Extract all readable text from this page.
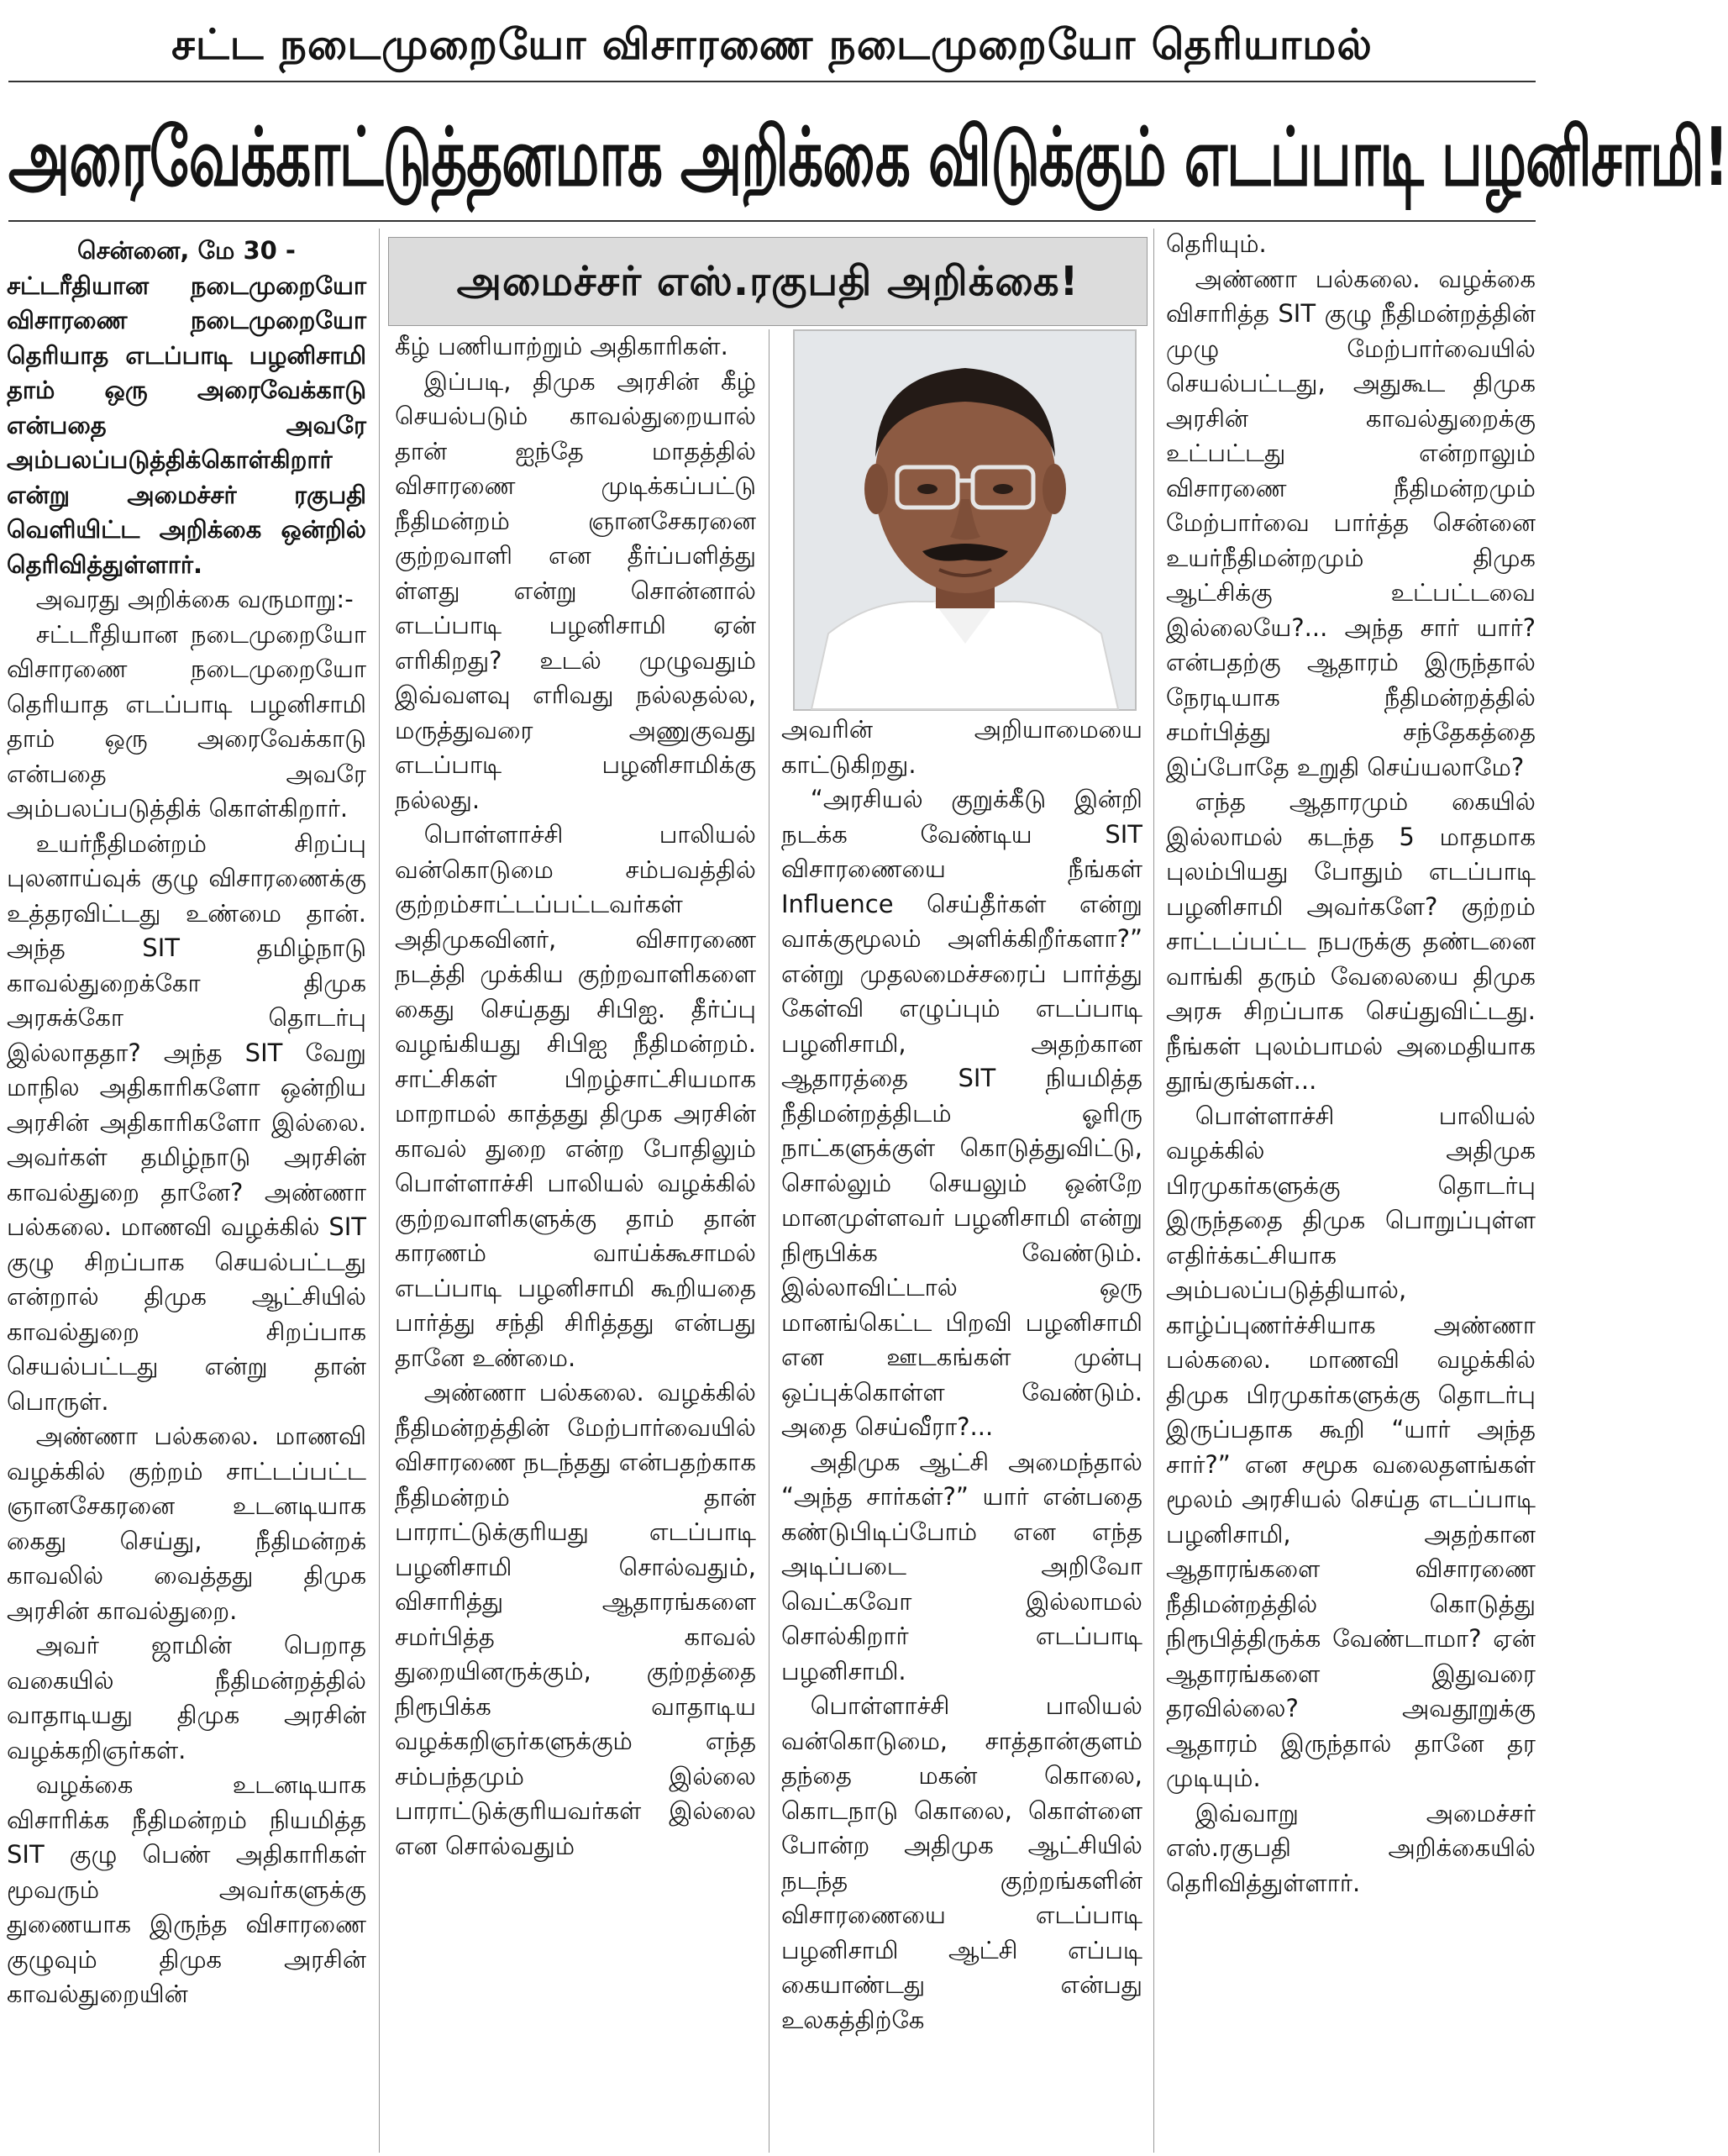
சட்ட நடைமுறையோ விசாரணை நடைமுறையோ தெரியாமல்
அரைவேக்காட்டுத்தனமாக அறிக்கை விடுக்கும் எடப்பாடி பழனிசாமி!

சென்னை, மே 30 -

சட்டரீதியான நடைமுறையோ விசாரணை நடைமுறையோ தெரியாத எடப்பாடி பழனிசாமி தாம் ஒரு அரைவேக்காடு என்பதை அவரே அம்பலப்படுத்திக்கொள்கிறார் என்று அமைச்சர் ரகுபதி வெளியிட்ட அறிக்கை ஒன்றில் தெரிவித்துள்ளார்.

அவரது அறிக்கை வருமாறு:-

சட்டரீதியான நடைமுறையோ விசாரணை நடைமுறையோ தெரியாத எடப்பாடி பழனிசாமி தாம் ஒரு அரைவேக்காடு என்பதை அவரே அம்பலப்படுத்திக் கொள்கிறார்.

உயர்நீதிமன்றம் சிறப்பு புலனாய்வுக் குழு விசாரணைக்கு உத்தரவிட்டது உண்மை தான். அந்த SIT தமிழ்நாடு காவல்துறைக்கோ திமுக அரசுக்கோ தொடர்பு இல்லாததா? அந்த SIT வேறு மாநில அதிகாரிகளோ ஒன்றிய அரசின் அதிகாரிகளோ இல்லை. அவர்கள் தமிழ்நாடு அரசின் காவல்துறை தானே? அண்ணா பல்கலை. மாணவி வழக்கில் SIT குழு சிறப்பாக செயல்பட்டது என்றால் திமுக ஆட்சியில் காவல்துறை சிறப்பாக செயல்பட்டது என்று தான் பொருள்.

அண்ணா பல்கலை. மாணவி வழக்கில் குற்றம் சாட்டப்பட்ட ஞானசேகரனை உடனடியாக கைது செய்து, நீதிமன்றக் காவலில் வைத்தது திமுக அரசின் காவல்துறை.

அவர் ஜாமின் பெறாத வகையில் நீதிமன்றத்தில் வாதாடியது திமுக அரசின் வழக்கறிஞர்கள்.

வழக்கை உடனடியாக விசாரிக்க நீதிமன்றம் நியமித்த SIT குழு பெண் அதிகாரிகள் மூவரும் அவர்களுக்கு துணையாக இருந்த விசாரணை குழுவும் திமுக அரசின் காவல்துறையின்

அமைச்சர் எஸ்.ரகுபதி அறிக்கை!

கீழ் பணியாற்றும் அதிகாரிகள்.

இப்படி, திமுக அரசின் கீழ் செயல்படும் காவல்துறையால் தான் ஐந்தே மாதத்தில் விசாரணை முடிக்கப்பட்டு நீதிமன்றம் ஞானசேகரனை குற்றவாளி என தீர்ப்பளித்து ள்ளது என்று சொன்னால் எடப்பாடி பழனிசாமி ஏன் எரிகிறது? உடல் முழுவதும் இவ்வளவு எரிவது நல்லதல்ல, மருத்துவரை அணுகுவது எடப்பாடி பழனிசாமிக்கு நல்லது.

பொள்ளாச்சி பாலியல் வன்கொடுமை சம்பவத்தில் குற்றம்சாட்டப்பட்டவர்கள் அதிமுகவினர், விசாரணை நடத்தி முக்கிய குற்றவாளிகளை கைது செய்தது சிபிஐ. தீர்ப்பு வழங்கியது சிபிஐ நீதிமன்றம். சாட்சிகள் பிறழ்சாட்சியமாக மாறாமல் காத்தது திமுக அரசின் காவல் துறை என்ற போதிலும் பொள்ளாச்சி பாலியல் வழக்கில் குற்றவாளிகளுக்கு தாம் தான் காரணம் வாய்க்கூசாமல் எடப்பாடி பழனிசாமி கூறியதை பார்த்து சந்தி சிரித்தது என்பது தானே உண்மை.

அண்ணா பல்கலை. வழக்கில் நீதிமன்றத்தின் மேற்பார்வையில் விசாரணை நடந்தது என்பதற்காக நீதிமன்றம் தான் பாராட்டுக்குரியது எடப்பாடி பழனிசாமி சொல்வதும், விசாரித்து ஆதாரங்களை சமர்பித்த காவல் துறையினருக்கும், குற்றத்தை நிரூபிக்க வாதாடிய வழக்கறிஞர்களுக்கும் எந்த சம்பந்தமும் இல்லை பாராட்டுக்குரியவர்கள் இல்லை என சொல்வதும்

அவரின் அறியாமையை காட்டுகிறது.

“அரசியல் குறுக்கீடு இன்றி நடக்க வேண்டிய SIT விசாரணையை நீங்கள் Influence செய்தீர்கள் என்று வாக்குமூலம் அளிக்கிறீர்களா?” என்று முதலமைச்சரைப் பார்த்து கேள்வி எழுப்பும் எடப்பாடி பழனிசாமி, அதற்கான ஆதாரத்தை SIT நியமித்த நீதிமன்றத்திடம் ஓரிரு நாட்களுக்குள் கொடுத்துவிட்டு, சொல்லும் செயலும் ஒன்றே மானமுள்ளவர் பழனிசாமி என்று நிரூபிக்க வேண்டும். இல்லாவிட்டால் ஒரு மானங்கெட்ட பிறவி பழனிசாமி என ஊடகங்கள் முன்பு ஒப்புக்கொள்ள வேண்டும். அதை செய்வீரா?...

அதிமுக ஆட்சி அமைந்தால் “அந்த சார்கள்?” யார் என்பதை கண்டுபிடிப்போம் என எந்த அடிப்படை அறிவோ வெட்கவோ இல்லாமல் சொல்கிறார் எடப்பாடி பழனிசாமி.

பொள்ளாச்சி பாலியல் வன்கொடுமை, சாத்தான்குளம் தந்தை மகன் கொலை, கொடநாடு கொலை, கொள்ளை போன்ற அதிமுக ஆட்சியில் நடந்த குற்றங்களின் விசாரணையை எடப்பாடி பழனிசாமி ஆட்சி எப்படி கையாண்டது என்பது உலகத்திற்கே

தெரியும்.

அண்ணா பல்கலை. வழக்கை விசாரித்த SIT குழு நீதிமன்றத்தின் முழு மேற்பார்வையில் செயல்பட்டது, அதுகூட திமுக அரசின் காவல்துறைக்கு உட்பட்டது என்றாலும் விசாரணை நீதிமன்றமும் மேற்பார்வை பார்த்த சென்னை உயர்நீதிமன்றமும் திமுக ஆட்சிக்கு உட்பட்டவை இல்லையே?... அந்த சார் யார்? என்பதற்கு ஆதாரம் இருந்தால் நேரடியாக நீதிமன்றத்தில் சமர்பித்து சந்தேகத்தை இப்போதே உறுதி செய்யலாமே?

எந்த ஆதாரமும் கையில் இல்லாமல் கடந்த 5 மாதமாக புலம்பியது போதும் எடப்பாடி பழனிசாமி அவர்களே? குற்றம் சாட்டப்பட்ட நபருக்கு தண்டனை வாங்கி தரும் வேலையை திமுக அரசு சிறப்பாக செய்துவிட்டது. நீங்கள் புலம்பாமல் அமைதியாக தூங்குங்கள்...

பொள்ளாச்சி பாலியல் வழக்கில் அதிமுக பிரமுகர்களுக்கு தொடர்பு இருந்ததை திமுக பொறுப்புள்ள எதிர்க்கட்சியாக அம்பலப்படுத்தியால், காழ்ப்புணர்ச்சியாக அண்ணா பல்கலை. மாணவி வழக்கில் திமுக பிரமுகர்களுக்கு தொடர்பு இருப்பதாக கூறி “யார் அந்த சார்?” என சமூக வலைதளங்கள் மூலம் அரசியல் செய்த எடப்பாடி பழனிசாமி, அதற்கான ஆதாரங்களை விசாரணை நீதிமன்றத்தில் கொடுத்து நிரூபித்திருக்க வேண்டாமா? ஏன் ஆதாரங்களை இதுவரை தரவில்லை? அவதூறுக்கு ஆதாரம் இருந்தால் தானே தர முடியும்.

இவ்வாறு அமைச்சர் எஸ்.ரகுபதி அறிக்கையில் தெரிவித்துள்ளார்.
